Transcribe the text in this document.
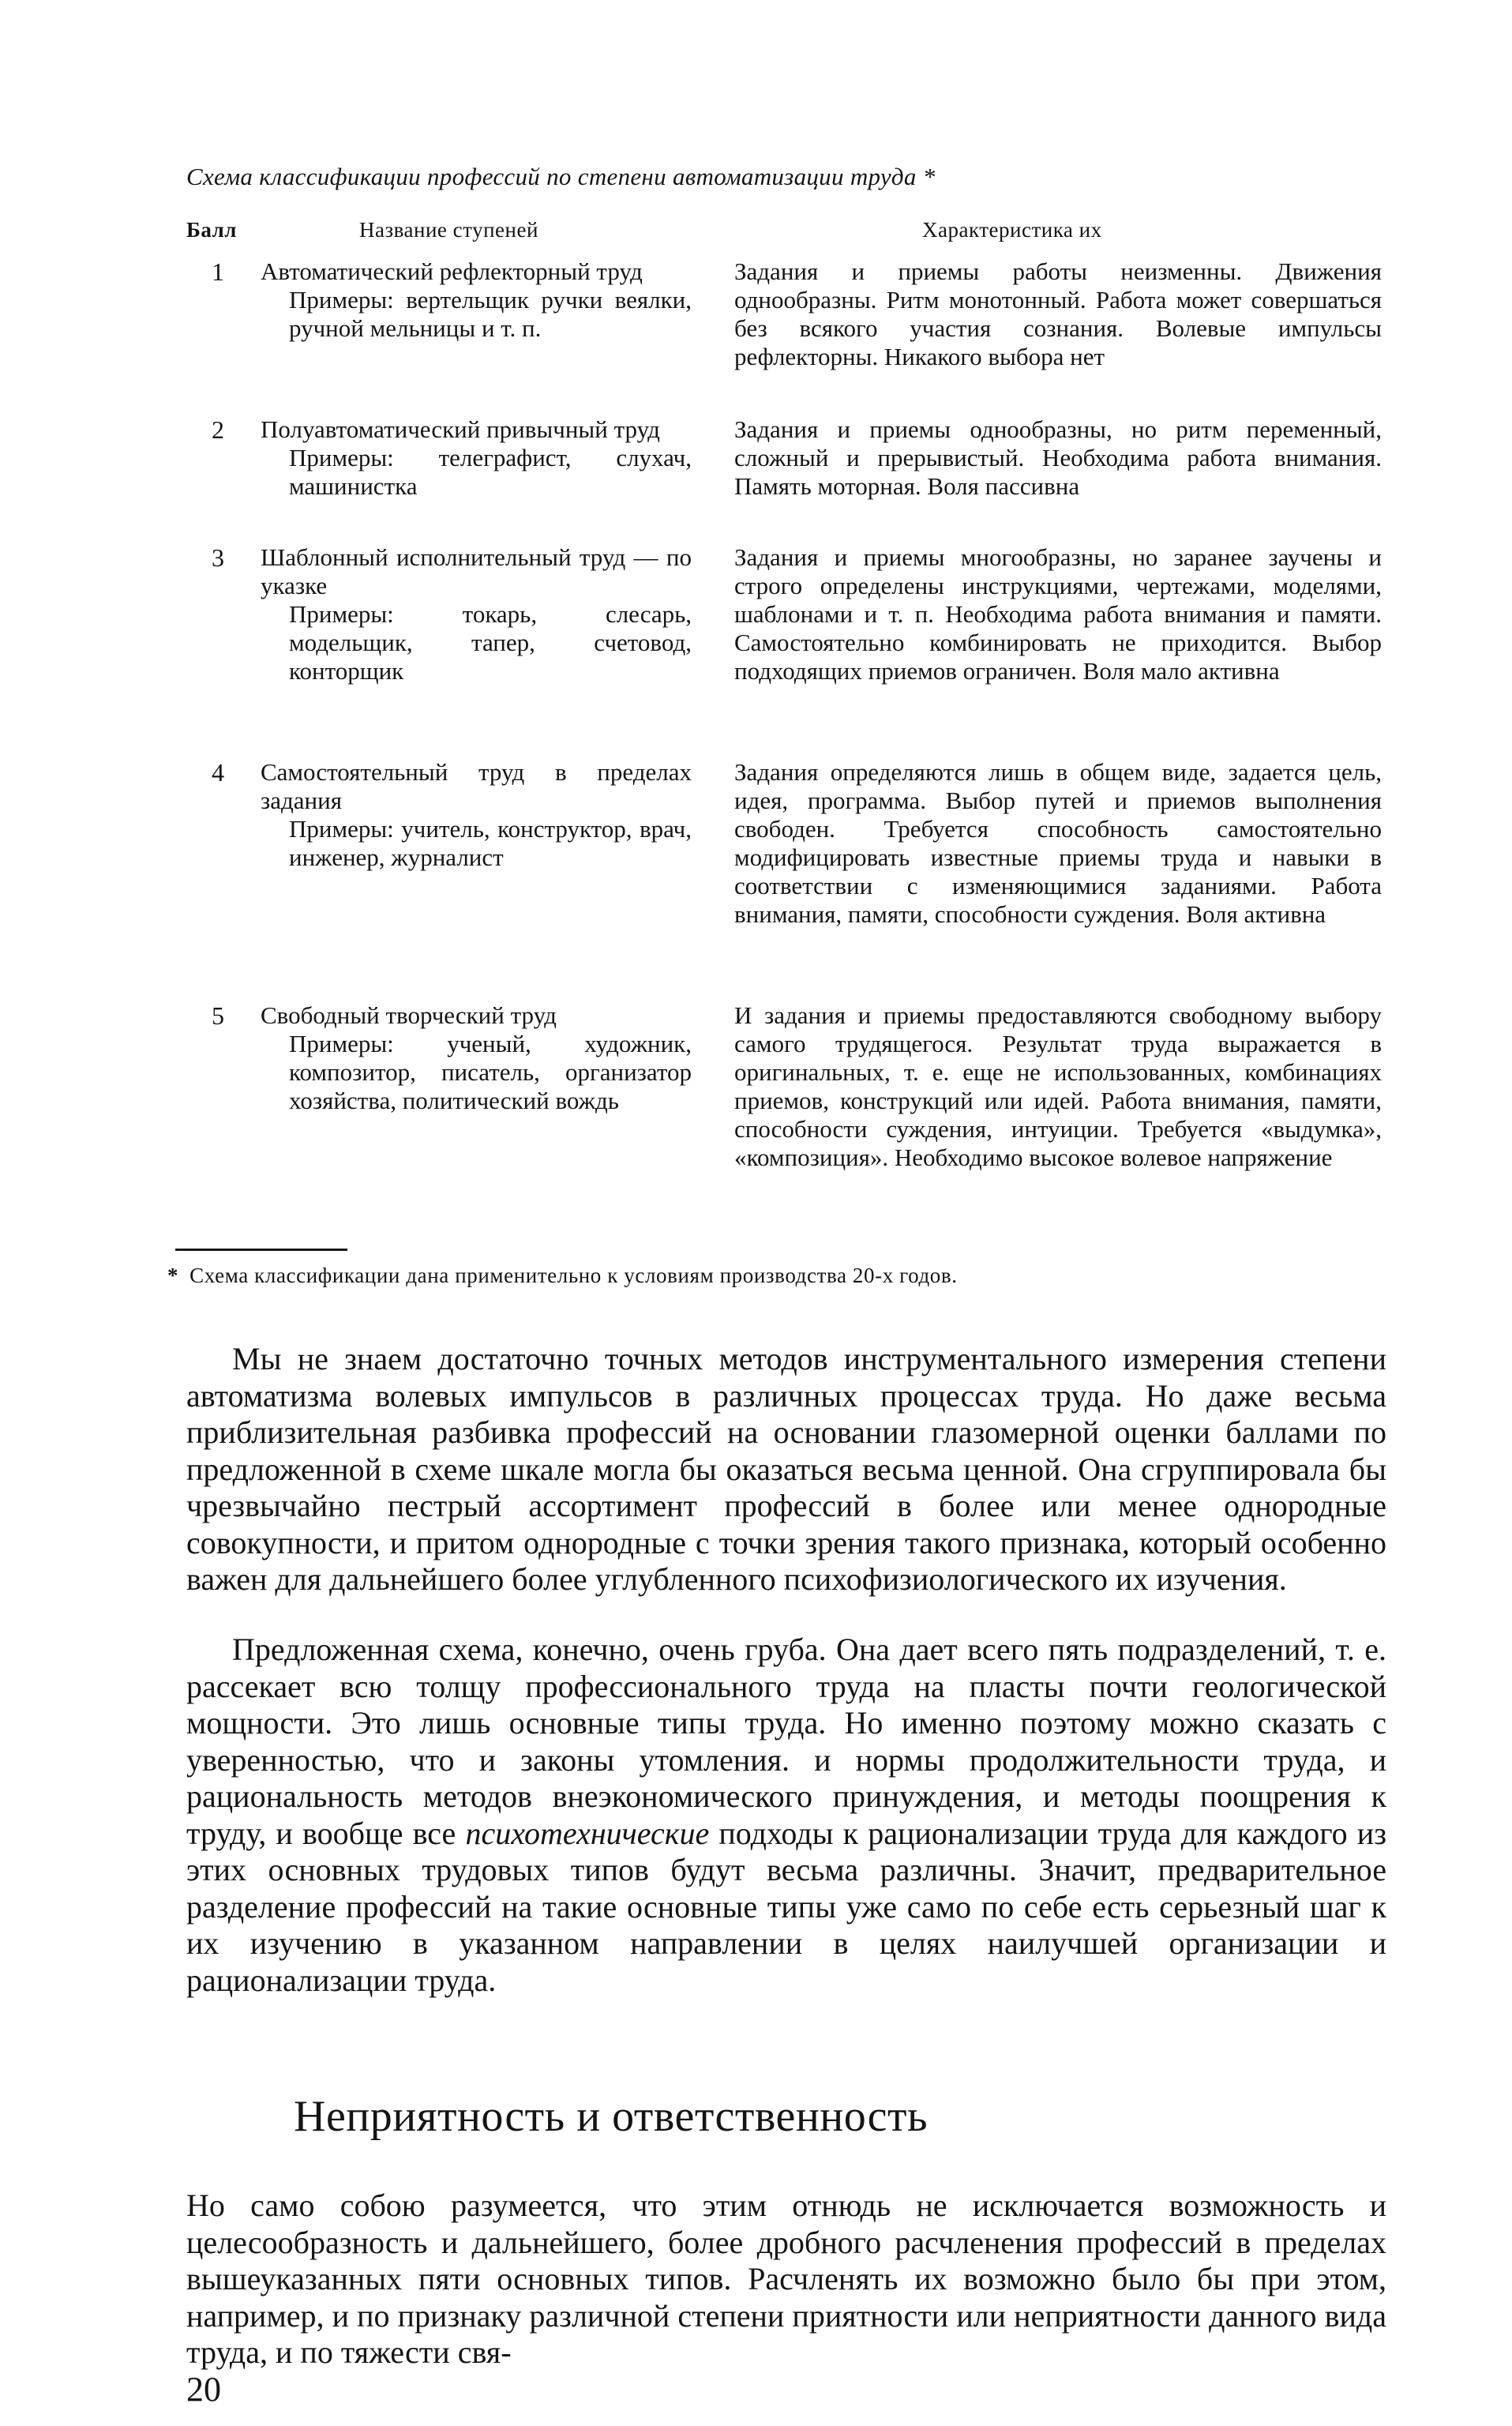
Схема классификации профессий по степени автоматизации труда *
Балл	Название ступеней	Характеристика их
1 Автоматический рефлекторный труд
Примеры: вертельщик ручки веялки, ручной мельницы и т. п.
Задания и приемы работы неизменны. Движения однообразны. Ритм монотонный. Работа может совершаться без всякого участия сознания. Волевые импульсы рефлекторны. Никакого выбора нет
2 Полуавтоматический привычный труд
Примеры: телеграфист, слухач, машинистка
Задания и приемы однообразны, но ритм переменный, сложный и прерывистый. Необходима работа внимания. Память моторная. Воля пассивна
3 Шаблонный исполнительный труд — по указке
Примеры: токарь, слесарь, модельщик, тапер, счетовод, конторщик
Задания и приемы многообразны, но заранее заучены и строго определены инструкциями, чертежами, моделями, шаблонами и т. п. Необходима работа внимания и памяти. Самостоятельно комбинировать не приходится. Выбор подходящих приемов ограничен. Воля мало активна
4 Самостоятельный труд в пределах задания
Примеры: учитель, конструктор, врач, инженер, журналист
Задания определяются лишь в общем виде, задается цель, идея, программа. Выбор путей и приемов выполнения свободен. Требуется способность самостоятельно модифицировать известные приемы труда и навыки в соответствии с изменяющимися заданиями. Работа внимания, памяти, способности суждения. Воля активна
5 Свободный творческий труд
Примеры: ученый, художник, композитор, писатель, организатор хозяйства, политический вождь
И задания и приемы предоставляются свободному выбору самого трудящегося. Результат труда выражается в оригинальных, т. е. еще не использованных, комбинациях приемов, конструкций или идей. Работа внимания, памяти, способности суждения, интуиции. Требуется «выдумка», «композиция». Необходимо высокое волевое напряжение
* Схема классификации дана применительно к условиям производства 20-х годов.

Мы не знаем достаточно точных методов инструментального измерения степени автоматизма волевых импульсов в различных процессах труда. Но даже весьма приблизительная разбивка профессий на основании глазомерной оценки баллами по предложенной в схеме шкале могла бы оказаться весьма ценной. Она сгруппировала бы чрезвычайно пестрый ассортимент профессий в более или менее однородные совокупности, и притом однородные с точки зрения такого признака, который особенно важен для дальнейшего более углубленного психофизиологического их изучения.

Предложенная схема, конечно, очень груба. Она дает всего пять подразделений, т. е. рассекает всю толщу профессионального труда на пласты почти геологической мощности. Это лишь основные типы труда. Но именно поэтому можно сказать с уверенностью, что и законы утомления. и нормы продолжительности труда, и рациональность методов внеэкономического принуждения, и методы поощрения к труду, и вообще все психотехнические подходы к рационализации труда для каждого из этих основных трудовых типов будут весьма различны. Значит, предварительное разделение профессий на такие основные типы уже само по себе есть серьезный шаг к их изучению в указанном направлении в целях наилучшей организации и рационализации труда.

Неприятность и ответственность

Но само собою разумеется, что этим отнюдь не исключается возможность и целесообразность и дальнейшего, более дробного расчленения профессий в пределах вышеуказанных пяти основных типов. Расчленять их возможно было бы при этом, например, и по признаку различной степени приятности или неприятности данного вида труда, и по тяжести свя-

20
